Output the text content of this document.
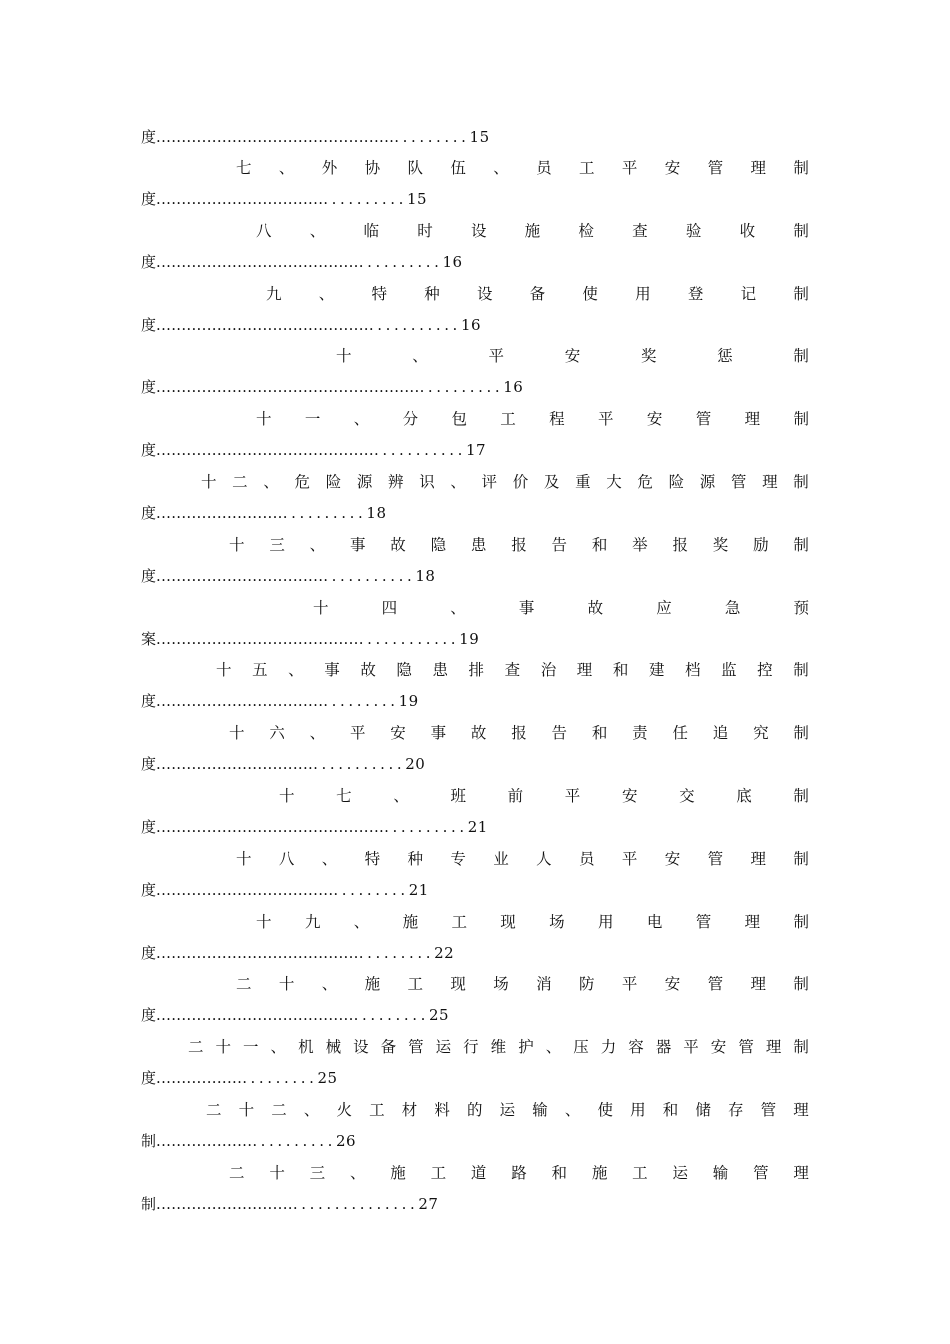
度........................................................15
七 、 外 协 队 伍 、 员 工 平 安 管 理 制
度...........................................15
八 、 临 时 设 施 检 查 验 收 制
度..................................................16
九 、 特 种 设 备 使 用 登 记 制
度.....................................................16
十	、	平	安	奖	惩	制
度..............................................................16
十 一 、 分 包 工 程 平 安 管 理 制
度......................................................17
十 二 、 危 险 源 辨 识 、 评 价 及 重 大 危 险 源 管 理 制
度...................................18
十 三 、 事 故 隐 患 报 告 和 举 报 奖 励 制
度............................................18
十	四	、	事	故	应	急	预
案....................................................19
十 五 、 事 故 隐 患 排 查 治 理 和 建 档 监 控 制
度..........................................19
十 六 、 平 安 事 故 报 告 和 责 任 追 究 制
度..........................................20
十	七	、	班	前	平	安	交	底	制
度.......................................................21
十 八 、 特 种 专 业 人 员 平 安 管 理 制
度............................................21
十 九 、 施 工 现 场 用 电 管 理 制
度.................................................22
二 十 、 施 工 现 场 消 防 平 安 管 理 制
度................................................25
二 十 一 、 机 械 设 备 管 运 行 维 护 、 压 力 容 器 平 安 管 理 制
度..........................25
二 十 二 、 火 工 材 料 的 运 输 、 使 用 和 储 存 管 理
制.............................26
二 十 三 、 施 工 道 路 和 施 工 运 输 管 理
制..........................................27
